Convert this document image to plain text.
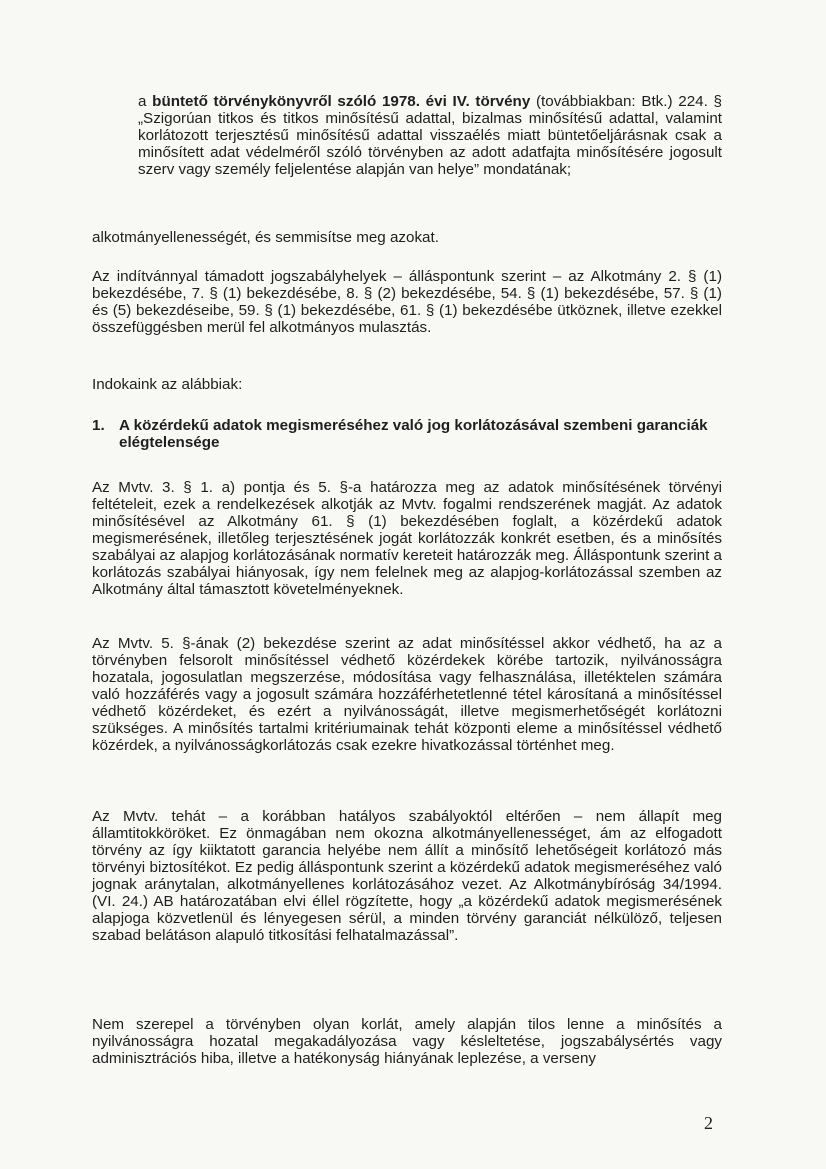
a büntető törvénykönyvről szóló 1978. évi IV. törvény (továbbiakban: Btk.) 224. § „Szigorúan titkos és titkos minősítésű adattal, bizalmas minősítésű adattal, valamint korlátozott terjesztésű minősítésű adattal visszaélés miatt büntetőeljárásnak csak a minősített adat védelméről szóló törvényben az adott adatfajta minősítésére jogosult szerv vagy személy feljelentése alapján van helye” mondatának;
alkotmányellenességét, és semmisítse meg azokat.
Az indítvánnyal támadott jogszabályhelyek – álláspontunk szerint – az Alkotmány 2. § (1) bekezdésébe, 7. § (1) bekezdésébe, 8. § (2) bekezdésébe, 54. § (1) bekezdésébe, 57. § (1) és (5) bekezdéseibe, 59. § (1) bekezdésébe, 61. § (1) bekezdésébe ütköznek, illetve ezekkel összefüggésben merül fel alkotmányos mulasztás.
Indokaink az alábbiak:
1. A közérdekű adatok megismeréséhez való jog korlátozásával szembeni garanciák elégtelensége
Az Mvtv. 3. § 1. a) pontja és 5. §-a határozza meg az adatok minősítésének törvényi feltételeit, ezek a rendelkezések alkotják az Mvtv. fogalmi rendszerének magját. Az adatok minősítésével az Alkotmány 61. § (1) bekezdésében foglalt, a közérdekű adatok megismerésének, illetőleg terjesztésének jogát korlátozzák konkrét esetben, és a minősítés szabályai az alapjog korlátozásának normatív kereteit határozzák meg. Álláspontunk szerint a korlátozás szabályai hiányosak, így nem felelnek meg az alapjog-korlátozással szemben az Alkotmány által támasztott követelményeknek.
Az Mvtv. 5. §-ának (2) bekezdése szerint az adat minősítéssel akkor védhető, ha az a törvényben felsorolt minősítéssel védhető közérdekek körébe tartozik, nyilvánosságra hozatala, jogosulatlan megszerzése, módosítása vagy felhasználása, illetéktelen számára való hozzáférés vagy a jogosult számára hozzáférhetetlenné tétel károsítaná a minősítéssel védhető közérdeket, és ezért a nyilvánosságát, illetve megismerhetőségét korlátozni szükséges. A minősítés tartalmi kritériumainak tehát központi eleme a minősítéssel védhető közérdek, a nyilvánosságkorlátozás csak ezekre hivatkozással történhet meg.
Az Mvtv. tehát – a korábban hatályos szabályoktól eltérően – nem állapít meg államtitokköröket. Ez önmagában nem okozna alkotmányellenességet, ám az elfogadott törvény az így kiiktatott garancia helyébe nem állít a minősítő lehetőségeit korlátozó más törvényi biztosítékot. Ez pedig álláspontunk szerint a közérdekű adatok megismeréséhez való jognak aránytalan, alkotmányellenes korlátozásához vezet. Az Alkotmánybíróság 34/1994. (VI. 24.) AB határozatában elvi éllel rögzítette, hogy „a közérdekű adatok megismerésének alapjoga közvetlenül és lényegesen sérül, a minden törvény garanciát nélkülöző, teljesen szabad belátáson alapuló titkosítási felhatalmazással”.
Nem szerepel a törvényben olyan korlát, amely alapján tilos lenne a minősítés a nyilvánosságra hozatal megakadályozása vagy késleltetése, jogszabálysértés vagy adminisztrációs hiba, illetve a hatékonyság hiányának leplezése, a verseny
2
